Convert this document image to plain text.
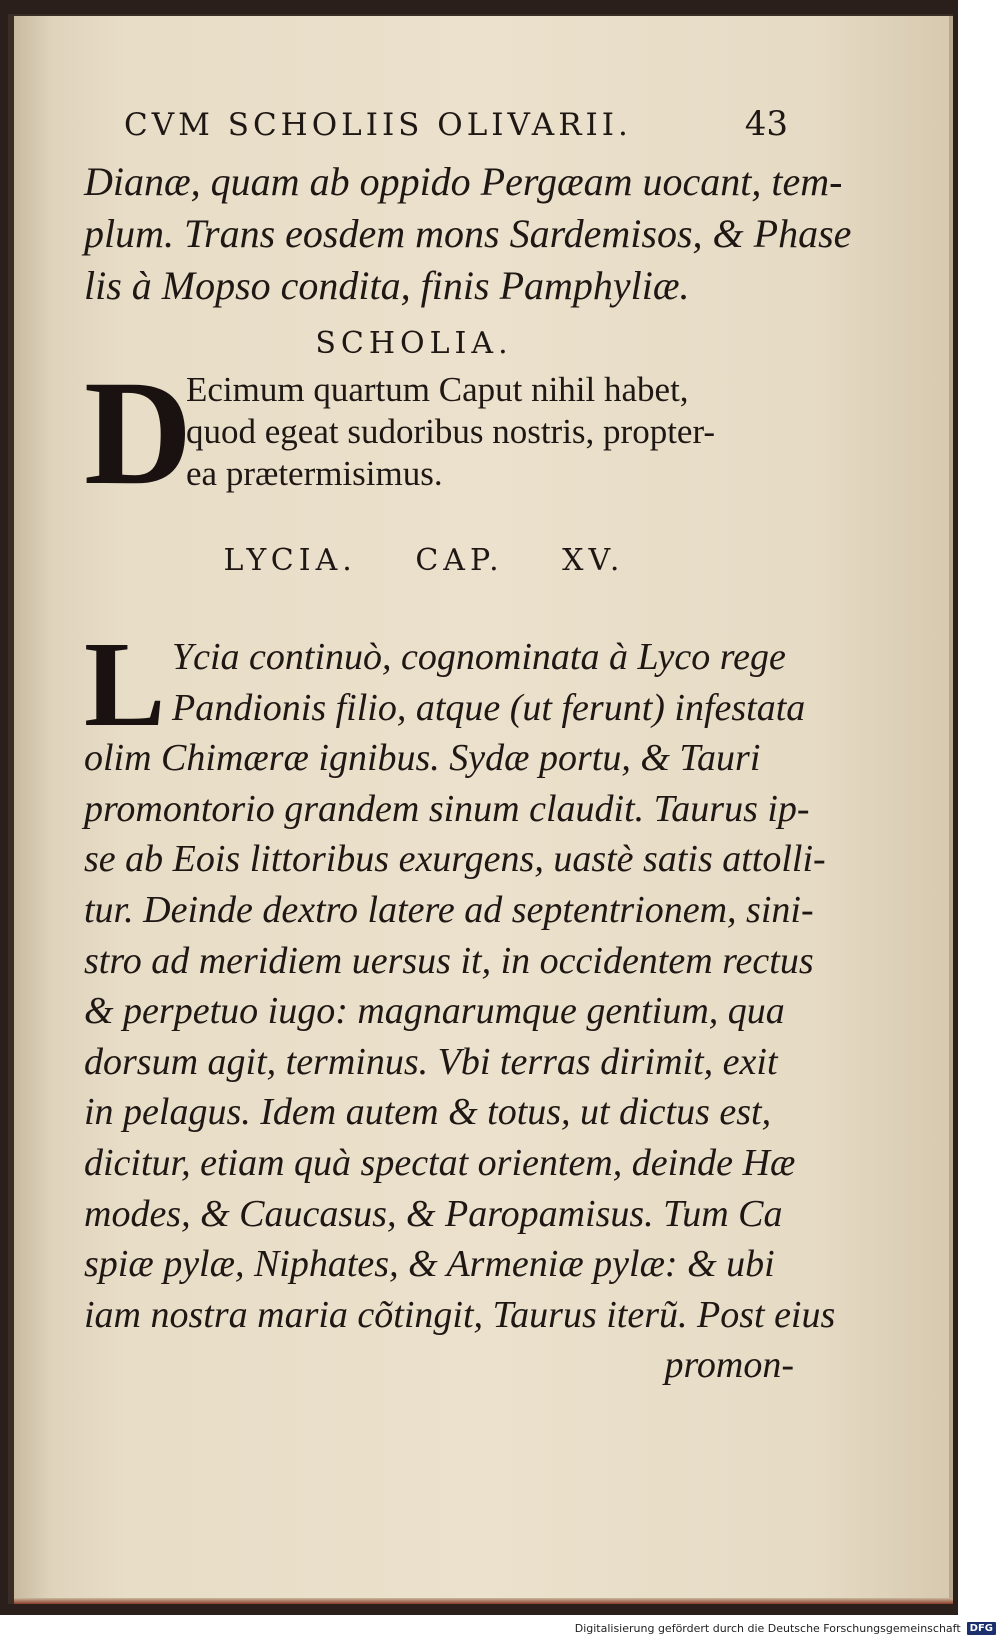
CVM SCHOLIIS OLIVARII.	43
Dianæ, quam ab oppido Pergæam uocant, tem-
plum. Trans eosdem mons Sardemisos, & Phase
lis à Mopso condita, finis Pamphyliæ.
SCHOLIA.
D
Ecimum quartum Caput nihil habet,
quod egeat sudoribus nostris, propter-
ea prætermisimus.
LYCIA. CAP. XV.
L Ycia continuò, cognominata à Lyco rege
Pandionis filio, atque (ut ferunt) infestata
olim Chimæræ ignibus. Sydæ portu, & Tauri
promontorio grandem sinum claudit. Taurus ip-
se ab Eois littoribus exurgens, uastè satis attolli-
tur. Deinde dextro latere ad septentrionem, sini-
stro ad meridiem uersus it, in occidentem rectus
& perpetuo iugo: magnarumque gentium, qua
dorsum agit, terminus. Vbi terras dirimit, exit
in pelagus. Idem autem & totus, ut dictus est,
dicitur, etiam quà spectat orientem, deinde Hæ
modes, & Caucasus, & Paropamisus. Tum Ca
spiæ pylæ, Niphates, & Armeniæ pylæ: & ubi
iam nostra maria cõtingit, Taurus iterũ. Post eius
promon-
Digitalisierung gefördert durch die Deutsche Forschungsgemeinschaft DFG
